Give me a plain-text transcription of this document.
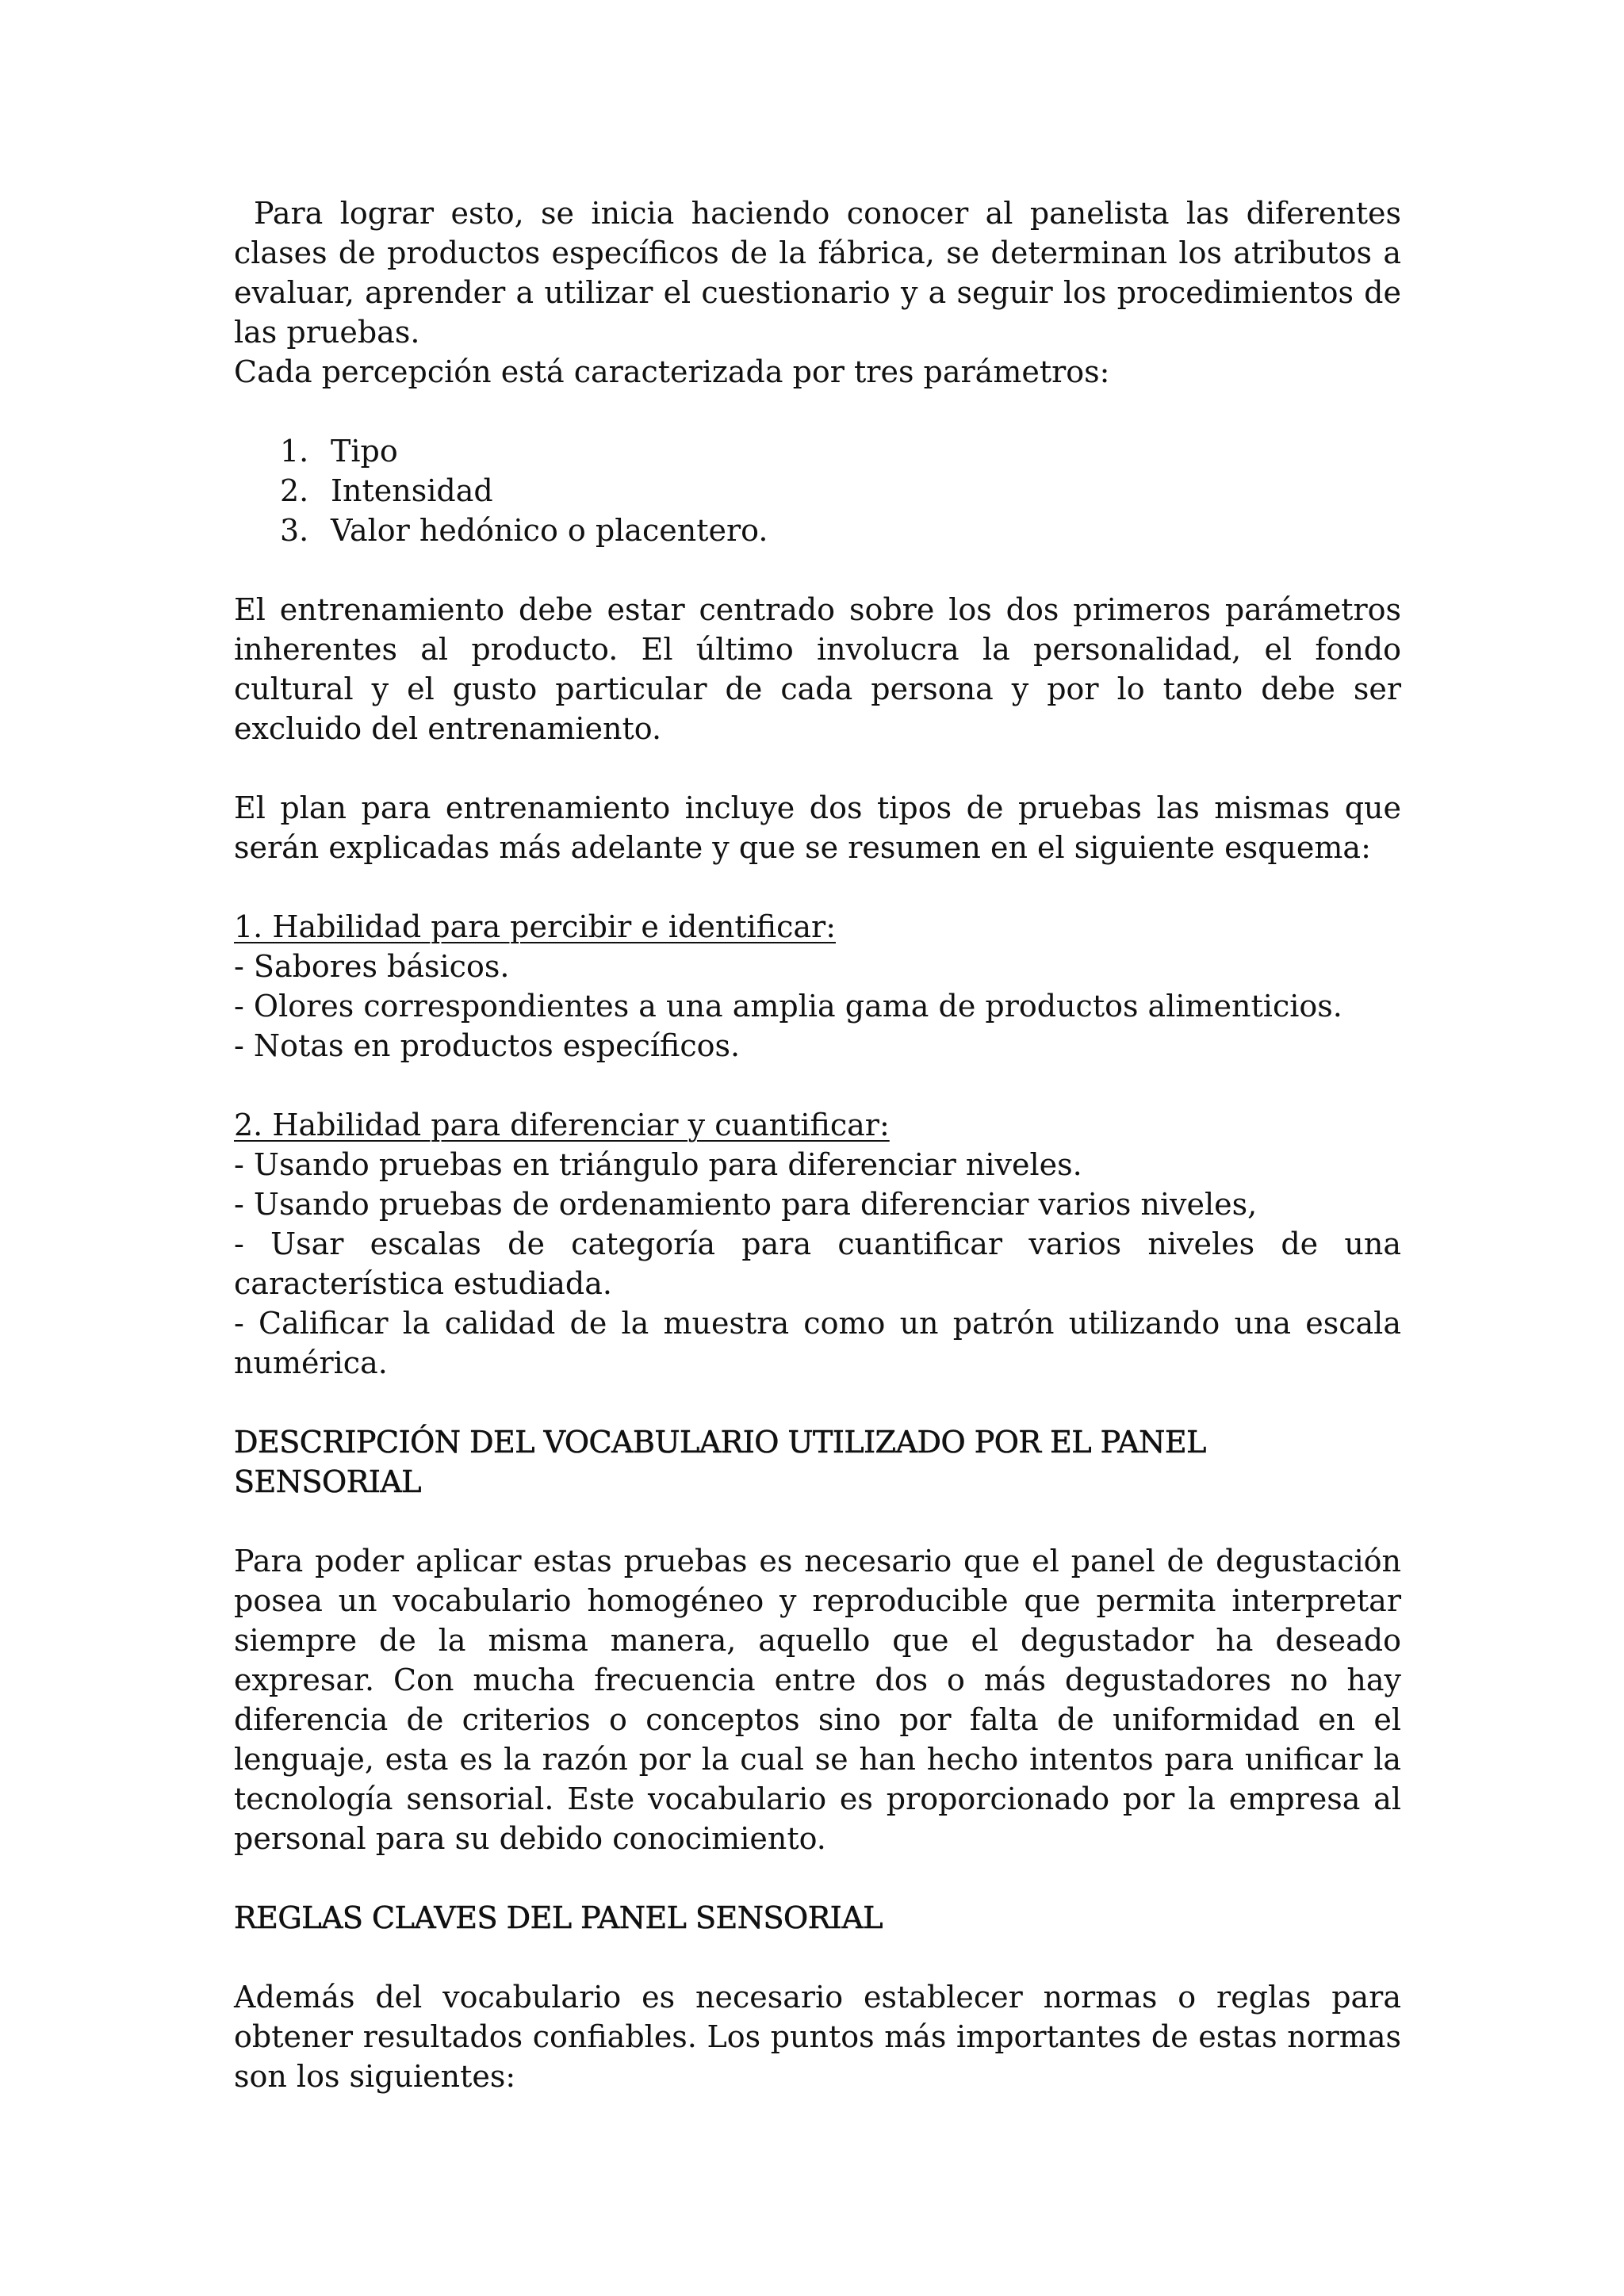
Para lograr esto, se inicia haciendo conocer al panelista las diferentes clases de productos específicos de la fábrica, se determinan los atributos a evaluar, aprender a utilizar el cuestionario y a seguir los procedimientos de las pruebas.

Cada percepción está caracterizada por tres parámetros:

1. Tipo
2. Intensidad
3. Valor hedónico o placentero.

El entrenamiento debe estar centrado sobre los dos primeros parámetros inherentes al producto. El último involucra la personalidad, el fondo cultural y el gusto particular de cada persona y por lo tanto debe ser excluido del entrenamiento.

El plan para entrenamiento incluye dos tipos de pruebas las mismas que serán explicadas más adelante y que se resumen en el siguiente esquema:

1. Habilidad para percibir e identificar:

- Sabores básicos.

- Olores correspondientes a una amplia gama de productos alimenticios.

- Notas en productos específicos.

2. Habilidad para diferenciar y cuantificar:

- Usando pruebas en triángulo para diferenciar niveles.

- Usando pruebas de ordenamiento para diferenciar varios niveles,

- Usar escalas de categoría para cuantificar varios niveles de una característica estudiada.

- Calificar la calidad de la muestra como un patrón utilizando una escala numérica.

DESCRIPCIÓN DEL VOCABULARIO UTILIZADO POR EL PANEL SENSORIAL

Para poder aplicar estas pruebas es necesario que el panel de degustación posea un vocabulario homogéneo y reproducible que permita interpretar siempre de la misma manera, aquello que el degustador ha deseado expresar. Con mucha frecuencia entre dos o más degustadores no hay diferencia de criterios o conceptos sino por falta de uniformidad en el lenguaje, esta es la razón por la cual se han hecho intentos para unificar la tecnología sensorial. Este vocabulario es proporcionado por la empresa al personal para su debido conocimiento.

REGLAS CLAVES DEL PANEL SENSORIAL

Además del vocabulario es necesario establecer normas o reglas para obtener resultados confiables. Los puntos más importantes de estas normas son los siguientes:
